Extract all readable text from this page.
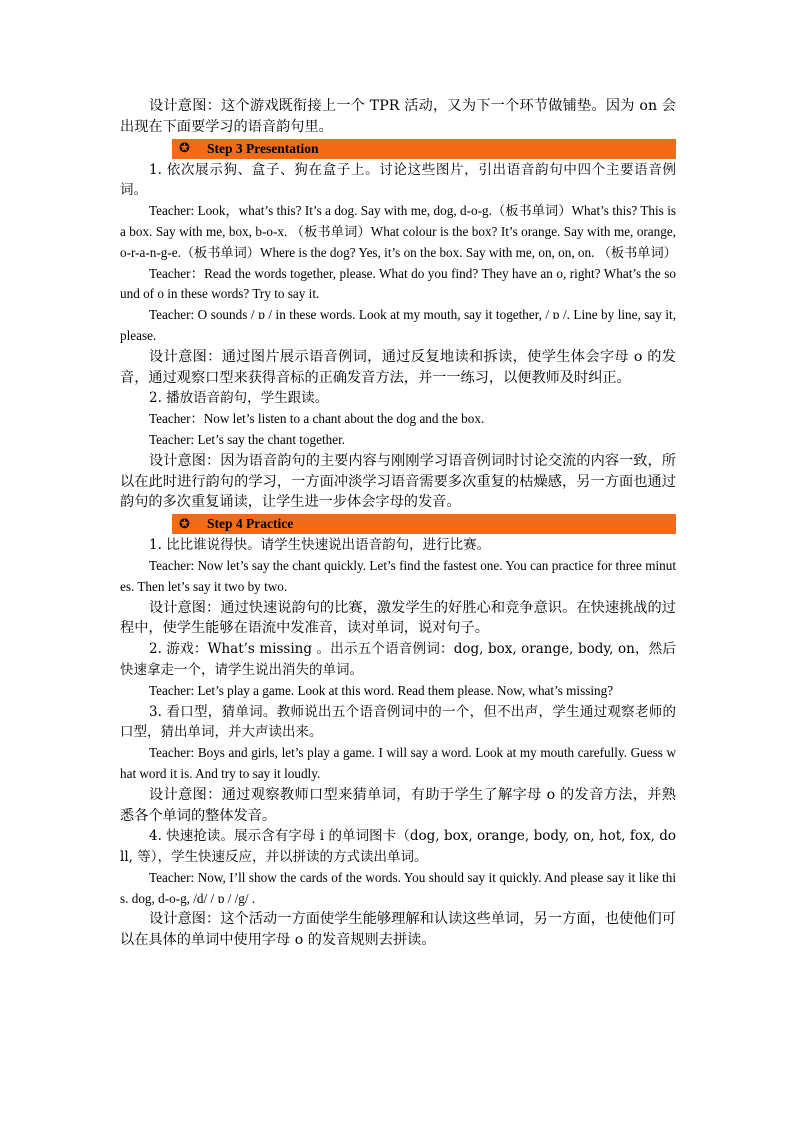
设计意图：这个游戏既衔接上一个 TPR 活动，又为下一个环节做铺垫。因为 on 会出现在下面要学习的语音韵句里。

✪	Step 3 Presentation

1. 依次展示狗、盒子、狗在盒子上。讨论这些图片，引出语音韵句中四个主要语音例词。

Teacher: Look，what’s this? It’s a dog. Say with me, dog, d-o-g.（板书单词）What’s this? This is a box. Say with me, box, b-o-x. （板书单词）What colour is the box? It’s orange. Say with me, orange, o-r-a-n-g-e.（板书单词）Where is the dog? Yes, it’s on the box. Say with me, on, on, on. （板书单词）

Teacher：Read the words together, please. What do you find? They have an o, right? What’s the sound of o in these words? Try to say it.

Teacher: O sounds / ɒ / in these words. Look at my mouth, say it together, / ɒ /. Line by line, say it, please.

设计意图：通过图片展示语音例词，通过反复地读和拆读，使学生体会字母 o 的发音，通过观察口型来获得音标的正确发音方法，并一一练习，以便教师及时纠正。

2. 播放语音韵句，学生跟读。

Teacher：Now let’s listen to a chant about the dog and the box.

Teacher: Let’s say the chant together.

设计意图：因为语音韵句的主要内容与刚刚学习语音例词时讨论交流的内容一致，所以在此时进行韵句的学习，一方面冲淡学习语音需要多次重复的枯燥感，另一方面也通过韵句的多次重复诵读，让学生进一步体会字母的发音。

✪	Step 4 Practice

1. 比比谁说得快。请学生快速说出语音韵句，进行比赛。

Teacher: Now let’s say the chant quickly. Let’s find the fastest one. You can practice for three minutes. Then let’s say it two by two.

设计意图：通过快速说韵句的比赛，激发学生的好胜心和竞争意识。在快速挑战的过程中，使学生能够在语流中发准音，读对单词，说对句子。

2. 游戏：What’s missing 。出示五个语音例词：dog, box, orange, body, on，然后快速拿走一个，请学生说出消失的单词。

Teacher: Let’s play a game. Look at this word. Read them please. Now, what’s missing?

3. 看口型，猜单词。教师说出五个语音例词中的一个，但不出声，学生通过观察老师的口型，猜出单词，并大声读出来。

Teacher: Boys and girls, let’s play a game. I will say a word. Look at my mouth carefully. Guess what word it is. And try to say it loudly.

设计意图：通过观察教师口型来猜单词，有助于学生了解字母 o 的发音方法，并熟悉各个单词的整体发音。

4. 快速抢读。展示含有字母 i 的单词图卡（dog, box, orange, body, on, hot, fox, doll, 等），学生快速反应，并以拼读的方式读出单词。

Teacher: Now, I’ll show the cards of the words. You should say it quickly. And please say it like this. dog, d-o-g, /d/ / ɒ / /g/ .

设计意图：这个活动一方面使学生能够理解和认读这些单词，另一方面，也使他们可以在具体的单词中使用字母 o 的发音规则去拼读。
